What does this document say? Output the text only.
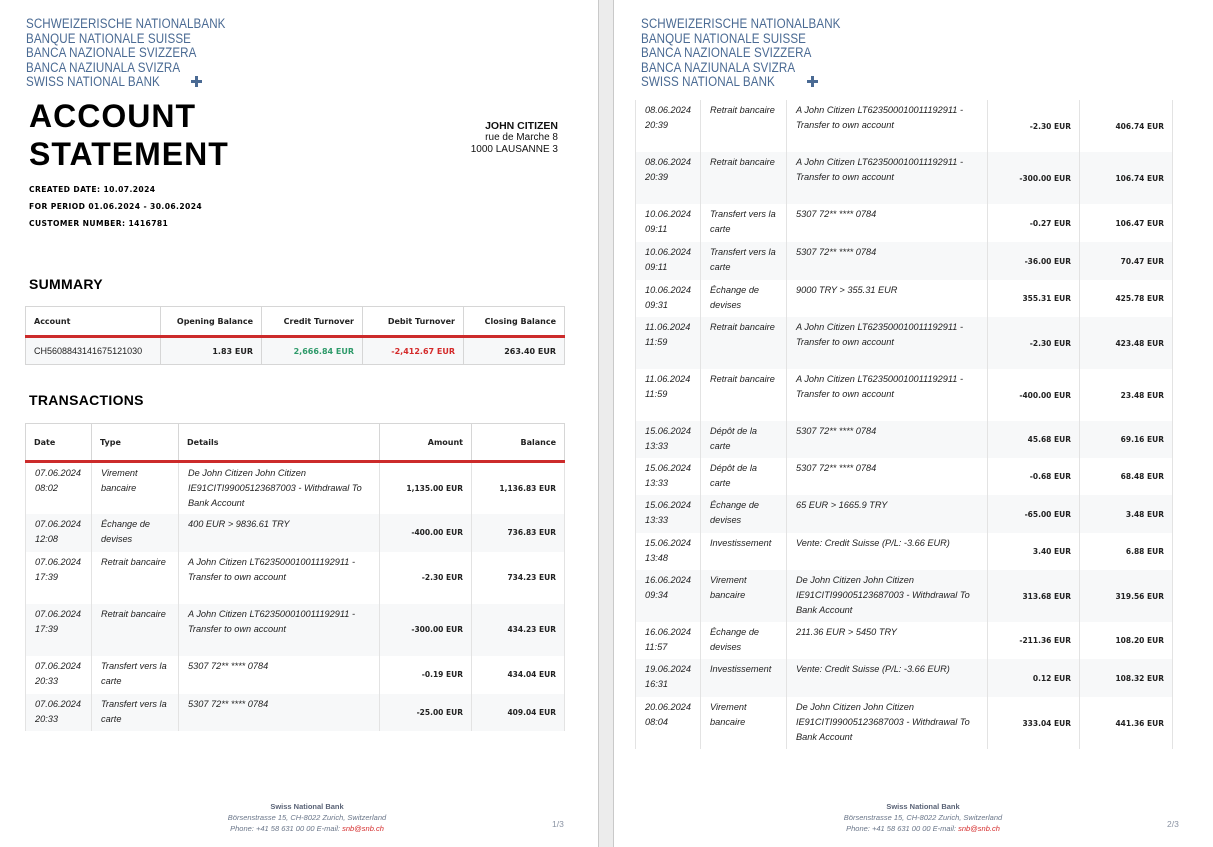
SCHWEIZERISCHE NATIONALBANK
BANQUE NATIONALE SUISSE
BANCA NAZIONALE SVIZZERA
BANCA NAZIUNALA SVIZRA
SWISS NATIONAL BANK
ACCOUNT
STATEMENT
CREATED DATE: 10.07.2024
FOR PERIOD 01.06.2024 - 30.06.2024
CUSTOMER NUMBER: 1416781
JOHN CITIZEN
rue de Marche 8
1000 LAUSANNE 3
SUMMARY
Account	Opening Balance	Credit Turnover	Debit Turnover	Closing Balance
CH5608843141675121030	1.83 EUR	2,666.84 EUR	-2,412.67 EUR	263.40 EUR
TRANSACTIONS
Date	Type	Details	Amount	Balance
07.06.2024 08:02	Virement bancaire	De John Citizen John Citizen IE91CITI99005123687003 - Withdrawal To Bank Account	1,135.00 EUR	1,136.83 EUR
07.06.2024 12:08	Échange de devises	400 EUR > 9836.61 TRY	-400.00 EUR	736.83 EUR
07.06.2024 17:39	Retrait bancaire	A John Citizen LT623500010011192911 - Transfer to own account	-2.30 EUR	734.23 EUR
07.06.2024 17:39	Retrait bancaire	A John Citizen LT623500010011192911 - Transfer to own account	-300.00 EUR	434.23 EUR
07.06.2024 20:33	Transfert vers la carte	5307 72** **** 0784	-0.19 EUR	434.04 EUR
07.06.2024 20:33	Transfert vers la carte	5307 72** **** 0784	-25.00 EUR	409.04 EUR
Swiss National Bank
Börsenstrasse 15, CH-8022 Zurich, Switzerland
Phone: +41 58 631 00 00 E-mail: snb@snb.ch	1/3
SCHWEIZERISCHE NATIONALBANK
BANQUE NATIONALE SUISSE
BANCA NAZIONALE SVIZZERA
BANCA NAZIUNALA SVIZRA
SWISS NATIONAL BANK
08.06.2024 20:39	Retrait bancaire	A John Citizen LT623500010011192911 - Transfer to own account	-2.30 EUR	406.74 EUR
08.06.2024 20:39	Retrait bancaire	A John Citizen LT623500010011192911 - Transfer to own account	-300.00 EUR	106.74 EUR
10.06.2024 09:11	Transfert vers la carte	5307 72** **** 0784	-0.27 EUR	106.47 EUR
10.06.2024 09:11	Transfert vers la carte	5307 72** **** 0784	-36.00 EUR	70.47 EUR
10.06.2024 09:31	Échange de devises	9000 TRY > 355.31 EUR	355.31 EUR	425.78 EUR
11.06.2024 11:59	Retrait bancaire	A John Citizen LT623500010011192911 - Transfer to own account	-2.30 EUR	423.48 EUR
11.06.2024 11:59	Retrait bancaire	A John Citizen LT623500010011192911 - Transfer to own account	-400.00 EUR	23.48 EUR
15.06.2024 13:33	Dépôt de la carte	5307 72** **** 0784	45.68 EUR	69.16 EUR
15.06.2024 13:33	Dépôt de la carte	5307 72** **** 0784	-0.68 EUR	68.48 EUR
15.06.2024 13:33	Échange de devises	65 EUR > 1665.9 TRY	-65.00 EUR	3.48 EUR
15.06.2024 13:48	Investissement	Vente: Credit Suisse (P/L: -3.66 EUR)	3.40 EUR	6.88 EUR
16.06.2024 09:34	Virement bancaire	De John Citizen John Citizen IE91CITI99005123687003 - Withdrawal To Bank Account	313.68 EUR	319.56 EUR
16.06.2024 11:57	Échange de devises	211.36 EUR > 5450 TRY	-211.36 EUR	108.20 EUR
19.06.2024 16:31	Investissement	Vente: Credit Suisse (P/L: -3.66 EUR)	0.12 EUR	108.32 EUR
20.06.2024 08:04	Virement bancaire	De John Citizen John Citizen IE91CITI99005123687003 - Withdrawal To Bank Account	333.04 EUR	441.36 EUR
Swiss National Bank
Börsenstrasse 15, CH-8022 Zurich, Switzerland
Phone: +41 58 631 00 00 E-mail: snb@snb.ch	2/3
